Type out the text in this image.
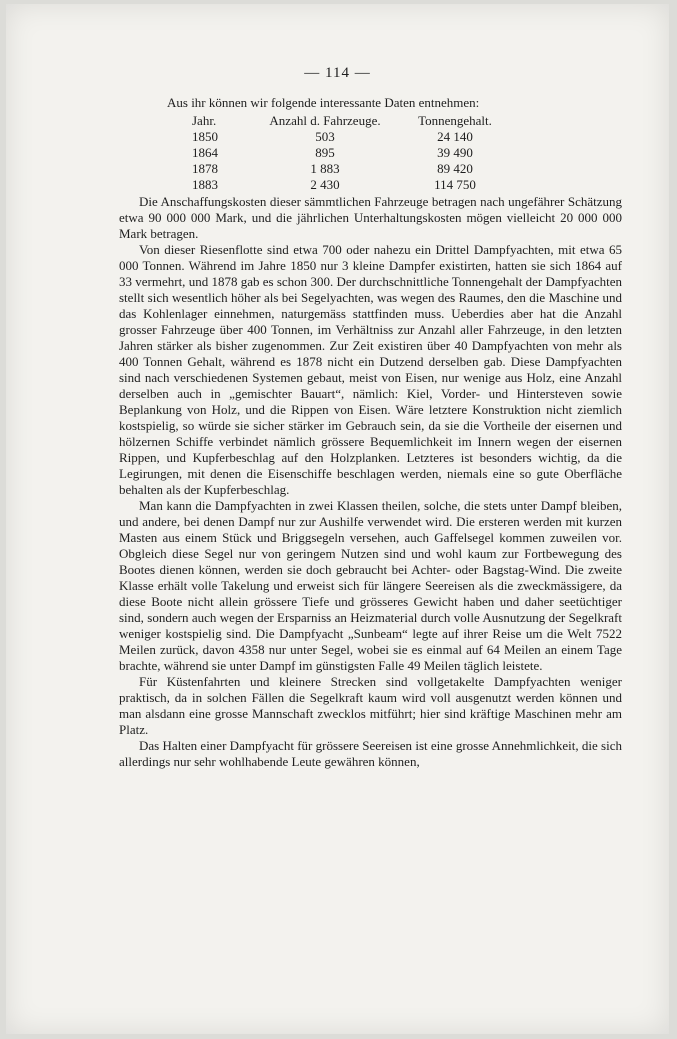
— 114 —

Aus ihr können wir folgende interessante Daten entnehmen:

Jahr.	Anzahl d. Fahrzeuge.	Tonnengehalt.
1850	503	24 140
1864	895	39 490
1878	1 883	89 420
1883	2 430	114 750

Die Anschaffungskosten dieser sämmtlichen Fahrzeuge betragen nach ungefährer Schätzung etwa 90 000 000 Mark, und die jährlichen Unterhaltungskosten mögen vielleicht 20 000 000 Mark betragen.

Von dieser Riesenflotte sind etwa 700 oder nahezu ein Drittel Dampfyachten, mit etwa 65 000 Tonnen. Während im Jahre 1850 nur 3 kleine Dampfer existirten, hatten sie sich 1864 auf 33 vermehrt, und 1878 gab es schon 300. Der durchschnittliche Tonnengehalt der Dampfyachten stellt sich wesentlich höher als bei Segelyachten, was wegen des Raumes, den die Maschine und das Kohlenlager einnehmen, naturgemäss stattfinden muss. Ueberdies aber hat die Anzahl grosser Fahrzeuge über 400 Tonnen, im Verhältniss zur Anzahl aller Fahrzeuge, in den letzten Jahren stärker als bisher zugenommen. Zur Zeit existiren über 40 Dampfyachten von mehr als 400 Tonnen Gehalt, während es 1878 nicht ein Dutzend derselben gab. Diese Dampfyachten sind nach verschiedenen Systemen gebaut, meist von Eisen, nur wenige aus Holz, eine Anzahl derselben auch in „gemischter Bauart“, nämlich: Kiel, Vorder- und Hintersteven sowie Beplankung von Holz, und die Rippen von Eisen. Wäre letztere Konstruktion nicht ziemlich kostspielig, so würde sie sicher stärker im Gebrauch sein, da sie die Vortheile der eisernen und hölzernen Schiffe verbindet nämlich grössere Bequemlichkeit im Innern wegen der eisernen Rippen, und Kupferbeschlag auf den Holzplanken. Letzteres ist besonders wichtig, da die Legirungen, mit denen die Eisenschiffe beschlagen werden, niemals eine so gute Oberfläche behalten als der Kupferbeschlag.

Man kann die Dampfyachten in zwei Klassen theilen, solche, die stets unter Dampf bleiben, und andere, bei denen Dampf nur zur Aushilfe verwendet wird. Die ersteren werden mit kurzen Masten aus einem Stück und Briggsegeln versehen, auch Gaffelsegel kommen zuweilen vor. Obgleich diese Segel nur von geringem Nutzen sind und wohl kaum zur Fortbewegung des Bootes dienen können, werden sie doch gebraucht bei Achter- oder Bagstag-Wind. Die zweite Klasse erhält volle Takelung und erweist sich für längere Seereisen als die zweckmässigere, da diese Boote nicht allein grössere Tiefe und grösseres Gewicht haben und daher seetüchtiger sind, sondern auch wegen der Ersparniss an Heizmaterial durch volle Ausnutzung der Segelkraft weniger kostspielig sind. Die Dampfyacht „Sunbeam“ legte auf ihrer Reise um die Welt 7522 Meilen zurück, davon 4358 nur unter Segel, wobei sie es einmal auf 64 Meilen an einem Tage brachte, während sie unter Dampf im günstigsten Falle 49 Meilen täglich leistete.

Für Küstenfahrten und kleinere Strecken sind vollgetakelte Dampfyachten weniger praktisch, da in solchen Fällen die Segelkraft kaum wird voll ausgenutzt werden können und man alsdann eine grosse Mannschaft zwecklos mitführt; hier sind kräftige Maschinen mehr am Platz.

Das Halten einer Dampfyacht für grössere Seereisen ist eine grosse Annehmlichkeit, die sich allerdings nur sehr wohlhabende Leute gewähren können,
